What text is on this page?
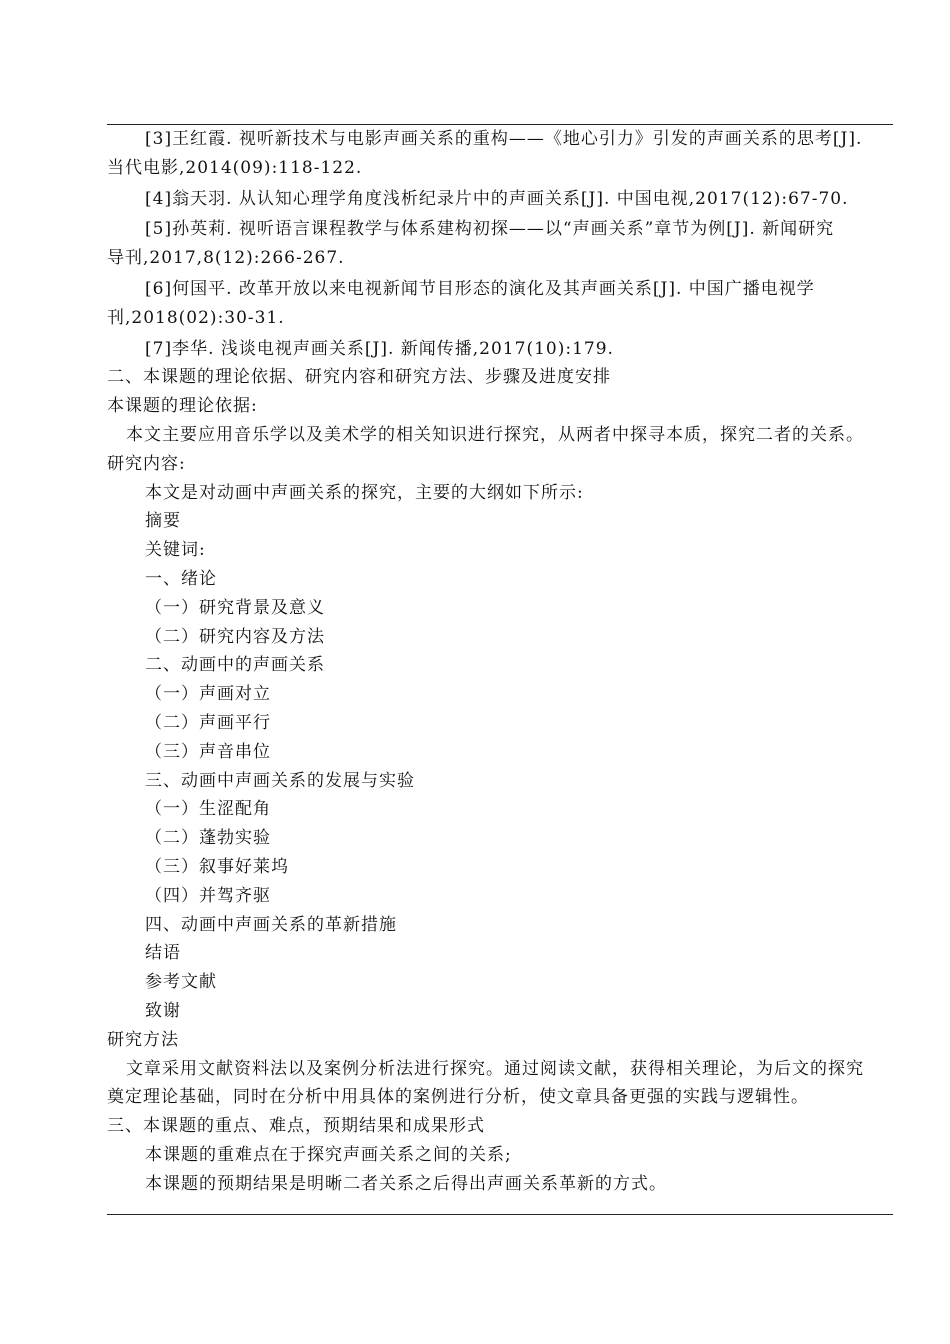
[3]王红霞. 视听新技术与电影声画关系的重构——《地心引力》引发的声画关系的思考[J].

当代电影,2014(09):118-122.

[4]翁天羽. 从认知心理学角度浅析纪录片中的声画关系[J]. 中国电视,2017(12):67-70.

[5]孙英莉. 视听语言课程教学与体系建构初探——以“声画关系”章节为例[J]. 新闻研究

导刊,2017,8(12):266-267.

[6]何国平. 改革开放以来电视新闻节目形态的演化及其声画关系[J]. 中国广播电视学

刊,2018(02):30-31.

[7]李华. 浅谈电视声画关系[J]. 新闻传播,2017(10):179.

二、本课题的理论依据、研究内容和研究方法、步骤及进度安排

本课题的理论依据:

本文主要应用音乐学以及美术学的相关知识进行探究，从两者中探寻本质，探究二者的关系。

研究内容:

本文是对动画中声画关系的探究，主要的大纲如下所示:

摘要

关键词:

一、绪论

（一）研究背景及意义

（二）研究内容及方法

二、动画中的声画关系

（一）声画对立

（二）声画平行

（三）声音串位

三、动画中声画关系的发展与实验

（一）生涩配角

（二）蓬勃实验

（三）叙事好莱坞

（四）并驾齐驱

四、动画中声画关系的革新措施

结语

参考文献

致谢

研究方法

文章采用文献资料法以及案例分析法进行探究。通过阅读文献，获得相关理论，为后文的探究

奠定理论基础，同时在分析中用具体的案例进行分析，使文章具备更强的实践与逻辑性。

三、本课题的重点、难点，预期结果和成果形式

本课题的重难点在于探究声画关系之间的关系;

本课题的预期结果是明晰二者关系之后得出声画关系革新的方式。
